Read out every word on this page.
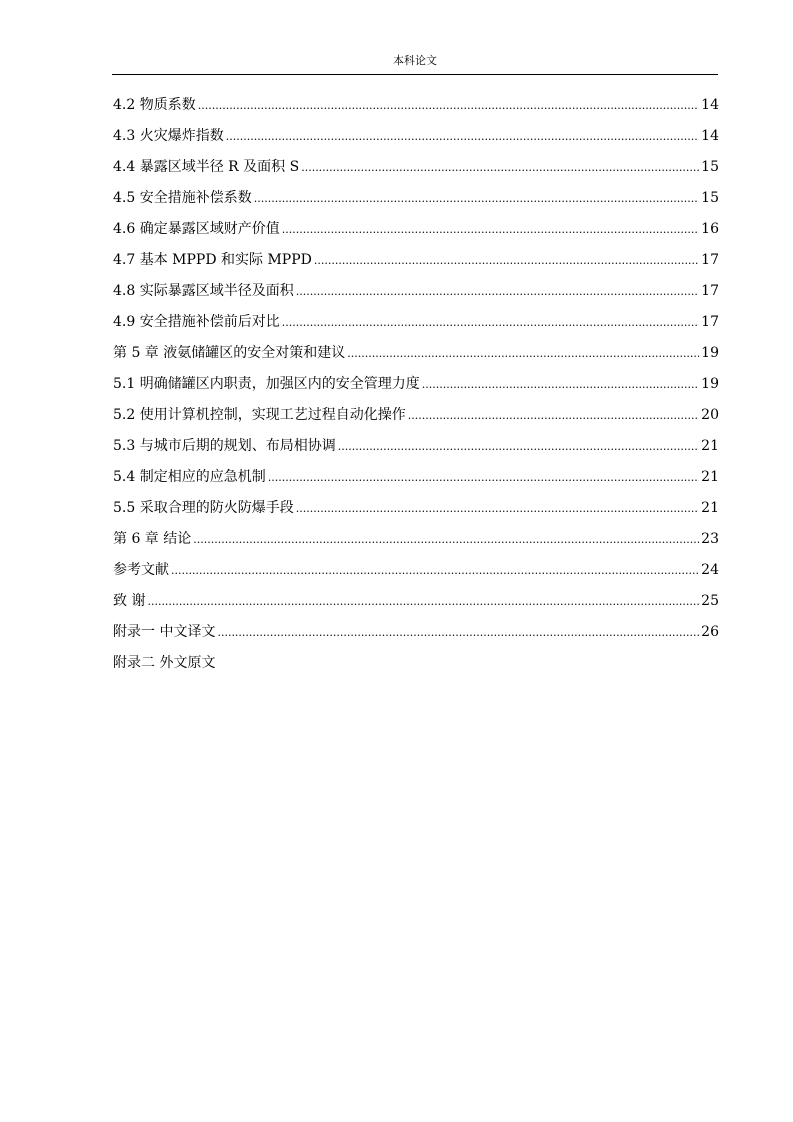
本科论文
4.2 物质系数 .....	14
4.3 火灾爆炸指数 .....	14
4.4 暴露区域半径 R 及面积 S .....	15
4.5 安全措施补偿系数 .....	15
4.6 确定暴露区域财产价值 .....	16
4.7 基本 MPPD 和实际 MPPD .....	17
4.8 实际暴露区域半径及面积 .....	17
4.9 安全措施补偿前后对比 .....	17
第 5 章 液氨储罐区的安全对策和建议 .....	19
5.1 明确储罐区内职责，加强区内的安全管理力度 .....	19
5.2 使用计算机控制，实现工艺过程自动化操作 .....	20
5.3 与城市后期的规划、布局相协调 .....	21
5.4 制定相应的应急机制 .....	21
5.5 采取合理的防火防爆手段 .....	21
第 6 章 结论 .....	23
参考文献 .....	24
致 谢 .....	25
附录一 中文译文 .....	26
附录二 外文原文
